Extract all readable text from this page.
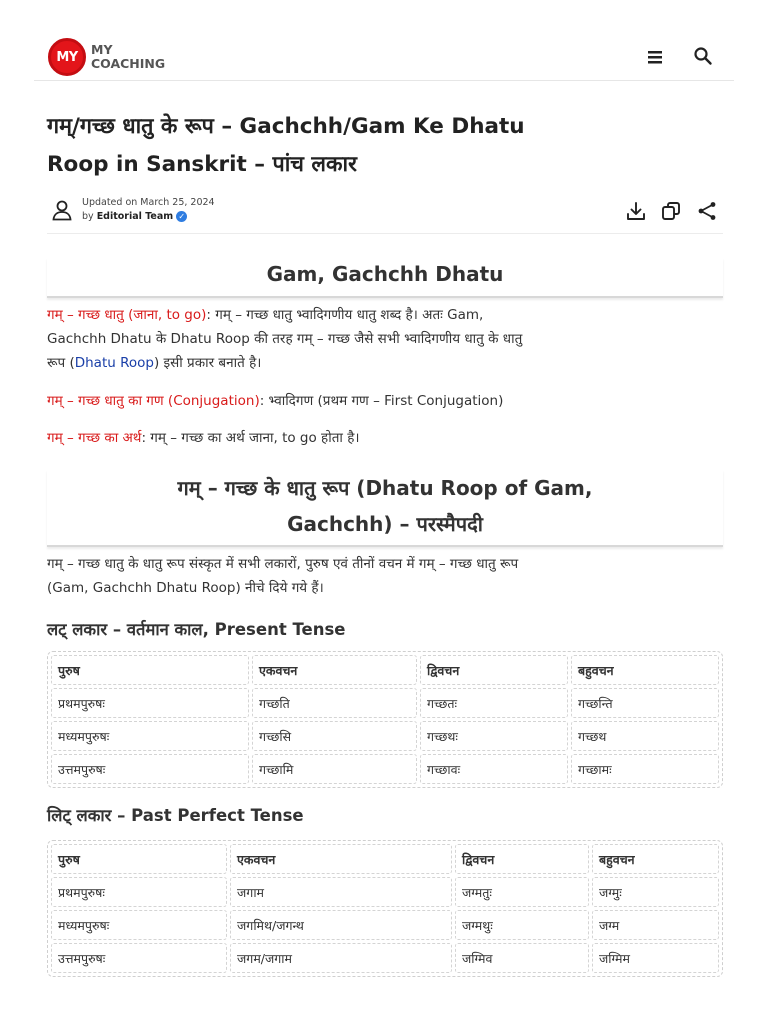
MY	MY
COACHING
गम्/गच्छ धातु के रूप – Gachchh/Gam Ke Dhatu Roop in Sanskrit – पांच लकार
Updated on March 25, 2024
by Editorial Team ✓
Gam, Gachchh Dhatu

गम् – गच्छ धातु (जाना, to go): गम् – गच्छ धातु भ्वादिगणीय धातु शब्द है। अतः Gam, Gachchh Dhatu के Dhatu Roop की तरह गम् – गच्छ जैसे सभी भ्वादिगणीय धातु के धातु रूप (Dhatu Roop) इसी प्रकार बनाते है।

गम् – गच्छ धातु का गण (Conjugation): भ्वादिगण (प्रथम गण – First Conjugation)

गम् – गच्छ का अर्थ: गम् – गच्छ का अर्थ जाना, to go होता है।

गम् – गच्छ के धातु रूप (Dhatu Roop of Gam, Gachchh) – परस्मैपदी

गम् – गच्छ धातु के धातु रूप संस्कृत में सभी लकारों, पुरुष एवं तीनों वचन में गम् – गच्छ धातु रूप (Gam, Gachchh Dhatu Roop) नीचे दिये गये हैं।

लट् लकार – वर्तमान काल, Present Tense
पुरुष	एकवचन	द्विवचन	बहुवचन
प्रथमपुरुषः	गच्छति	गच्छतः	गच्छन्ति
मध्यमपुरुषः	गच्छसि	गच्छथः	गच्छथ
उत्तमपुरुषः	गच्छामि	गच्छावः	गच्छामः
लिट् लकार – Past Perfect Tense
पुरुष	एकवचन	द्विवचन	बहुवचन
प्रथमपुरुषः	जगाम	जग्मतुः	जग्मुः
मध्यमपुरुषः	जगमिथ/जगन्थ	जग्मथुः	जग्म
उत्तमपुरुषः	जगम/जगाम	जग्मिव	जग्मिम
